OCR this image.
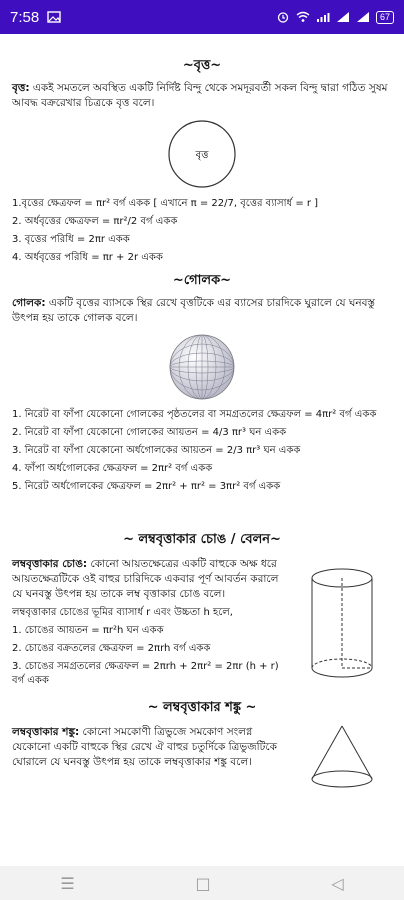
7:58	67
~বৃত্ত~
বৃত্ত: একই সমতলে অবস্থিত একটি নির্দিষ্ট বিন্দু থেকে সমদূরবর্তী সকল বিন্দু দ্বারা গঠিত সুষম আবদ্ধ বক্ররেখার চিত্রকে বৃত্ত বলে।
বৃত্ত
1.বৃত্তের ক্ষেত্রফল = πr² বর্গ একক [ এখানে π = 22/7, বৃত্তের ব্যাসার্ধ = r ]
2. অর্ধবৃত্তের ক্ষেত্রফল = πr²/2 বর্গ একক
3. বৃত্তের পরিধি = 2πr একক
4. অর্ধবৃত্তের পরিধি = πr + 2r একক
~গোলক~
গোলক: একটি বৃত্তের ব্যাসকে স্থির রেখে বৃত্তটিকে এর ব্যাসের চারদিকে ঘুরালে যে ঘনবস্তু উৎপন্ন হয় তাকে গোলক বলে।
1. নিরেট বা ফাঁপা যেকোনো গোলকের পৃষ্ঠতলের বা সমগ্রতলের ক্ষেত্রফল = 4πr² বর্গ একক
2. নিরেট বা ফাঁপা যেকোনো গোলকের আয়তন = 4/3 πr³ ঘন একক
3. নিরেট বা ফাঁপা যেকোনো অর্ধগোলকের আয়তন = 2/3 πr³ ঘন একক
4. ফাঁপা অর্ধগোলকের ক্ষেত্রফল = 2πr² বর্গ একক
5. নিরেট অর্ধগোলকের ক্ষেত্রফল = 2πr² + πr² = 3πr² বর্গ একক
~ লম্ববৃত্তাকার চোঙ / বেলন~
লম্ববৃত্তাকার চোঙ: কোনো আয়তক্ষেত্রের একটি বাহুকে অক্ষ ধরে আয়তক্ষেত্রটিকে ওই বাহুর চারিদিকে একবার পূর্ণ আবর্তন করালে যে ঘনবস্তু উৎপন্ন হয় তাকে লম্ব বৃত্তাকার চোঙ বলে।
লম্ববৃত্তাকার চোঙের ভূমির ব্যাসার্ধ r এবং উচ্চতা h হলে,
1. চোঙের আয়তন = πr²h ঘন একক
2. চোঙের বক্রতলের ক্ষেত্রফল = 2πrh বর্গ একক
3. চোঙের সমগ্রতলের ক্ষেত্রফল = 2πrh + 2πr² = 2πr (h + r) বর্গ একক
~ লম্ববৃত্তাকার শঙ্কু ~
লম্ববৃত্তাকার শঙ্কু: কোনো সমকোণী ত্রিভুজে সমকোণ সংলগ্ন যেকোনো একটি বাহুকে স্থির রেখে ঐ বাহুর চতুর্দিকে ত্রিভুজটিকে ঘোরালে যে ঘনবস্তু উৎপন্ন হয় তাকে লম্ববৃত্তাকার শঙ্কু বলে।
☰	□	◁
